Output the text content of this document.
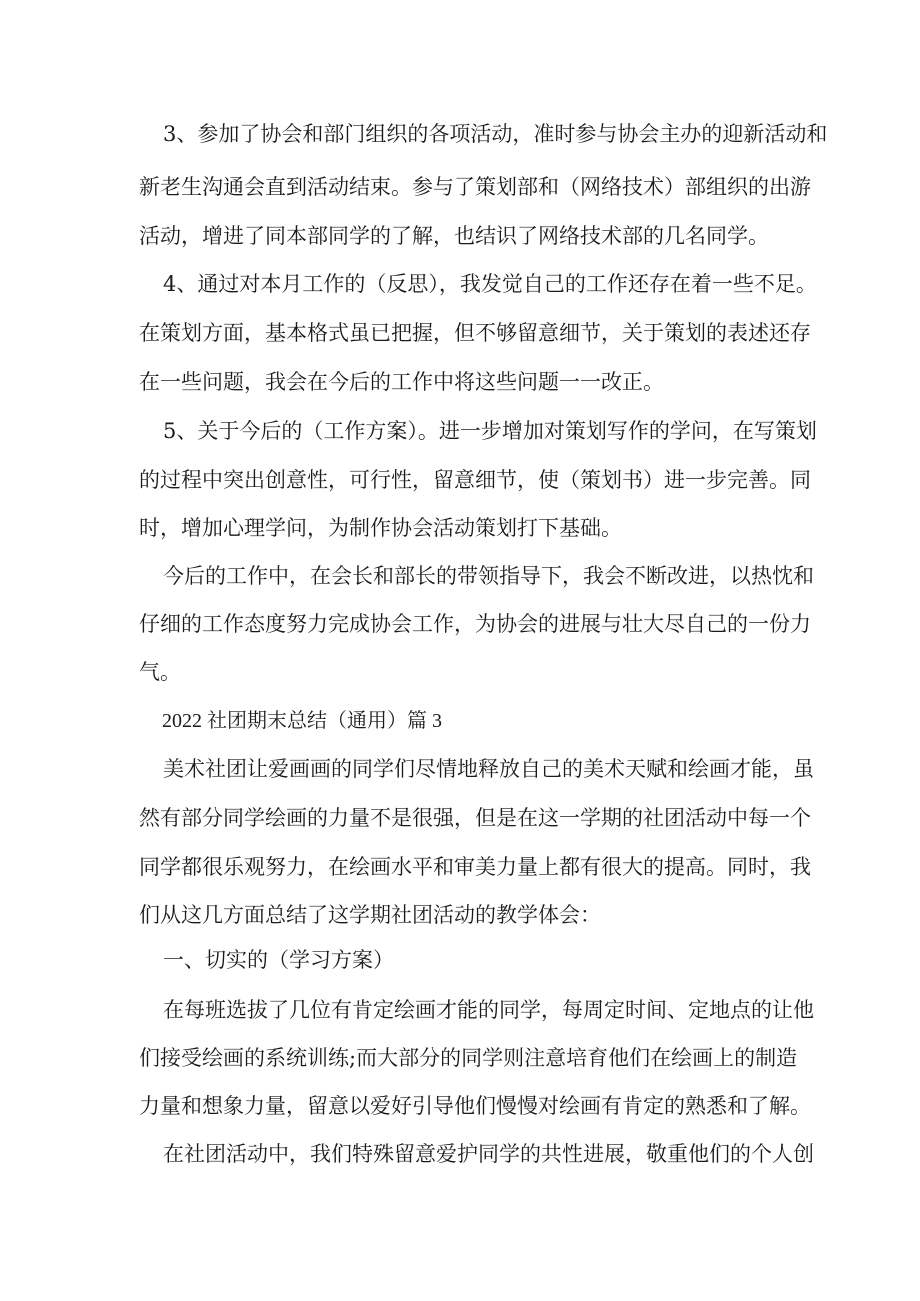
3、参加了协会和部门组织的各项活动，准时参与协会主办的迎新活动和
新老生沟通会直到活动结束。参与了策划部和（网络技术）部组织的出游
活动，增进了同本部同学的了解，也结识了网络技术部的几名同学。
4、通过对本月工作的（反思），我发觉自己的工作还存在着一些不足。
在策划方面，基本格式虽已把握，但不够留意细节，关于策划的表述还存
在一些问题，我会在今后的工作中将这些问题一一改正。
5、关于今后的（工作方案）。进一步增加对策划写作的学问，在写策划
的过程中突出创意性，可行性，留意细节，使（策划书）进一步完善。同
时，增加心理学问，为制作协会活动策划打下基础。
今后的工作中，在会长和部长的带领指导下，我会不断改进，以热忱和
仔细的工作态度努力完成协会工作，为协会的进展与壮大尽自己的一份力
气。
2022 社团期末总结（通用）篇 3
美术社团让爱画画的同学们尽情地释放自己的美术天赋和绘画才能，虽
然有部分同学绘画的力量不是很强，但是在这一学期的社团活动中每一个
同学都很乐观努力，在绘画水平和审美力量上都有很大的提高。同时，我
们从这几方面总结了这学期社团活动的教学体会：
一、切实的（学习方案）
在每班选拔了几位有肯定绘画才能的同学，每周定时间、定地点的让他
们接受绘画的系统训练;而大部分的同学则注意培育他们在绘画上的制造
力量和想象力量，留意以爱好引导他们慢慢对绘画有肯定的熟悉和了解。
在社团活动中，我们特殊留意爱护同学的共性进展，敬重他们的个人创
